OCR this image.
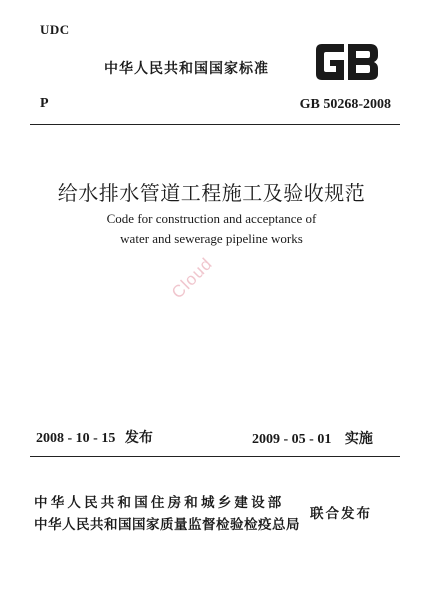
UDC
中华人民共和国国家标准
P	GB 50268-2008
给水排水管道工程施工及验收规范
Code for construction and acceptance of
water and sewerage pipeline works
Cloud
2008 - 10 - 15 发布	2009 - 05 - 01 实施
中华人民共和国住房和城乡建设部
中华人民共和国国家质量监督检验检疫总局
联合发布
